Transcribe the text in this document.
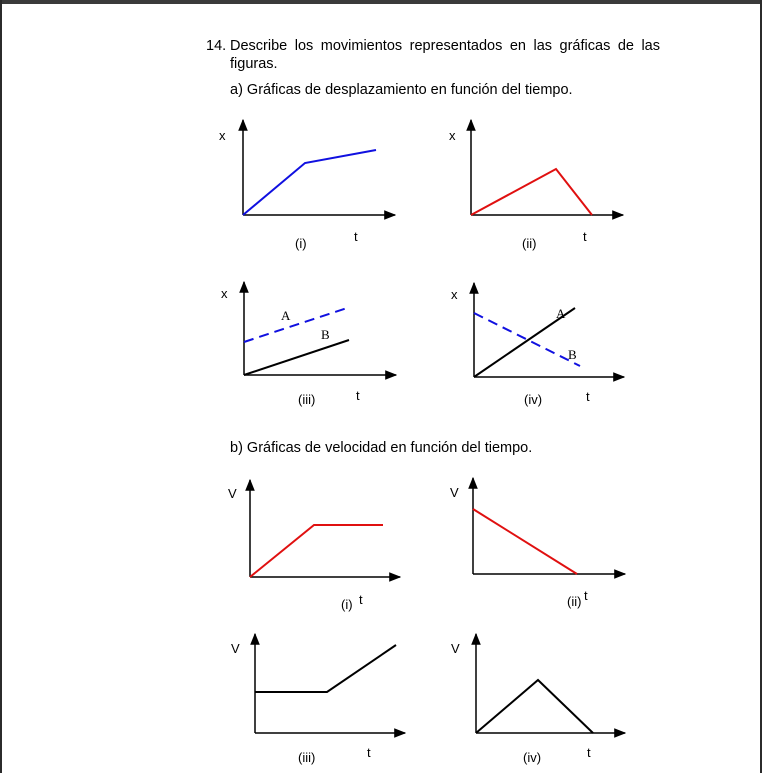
14. Describe los movimientos representados en las gráficas de las
figuras.
a) Gráficas de desplazamiento en función del tiempo.
b) Gráficas de velocidad en función del tiempo.
x
t
(i)
x
t
(ii)
A
B
x
t
(iii)
A
B
x
t
(iv)
V
t
(i)
V
t
(ii)
V
t
(iii)
V
t
(iv)
